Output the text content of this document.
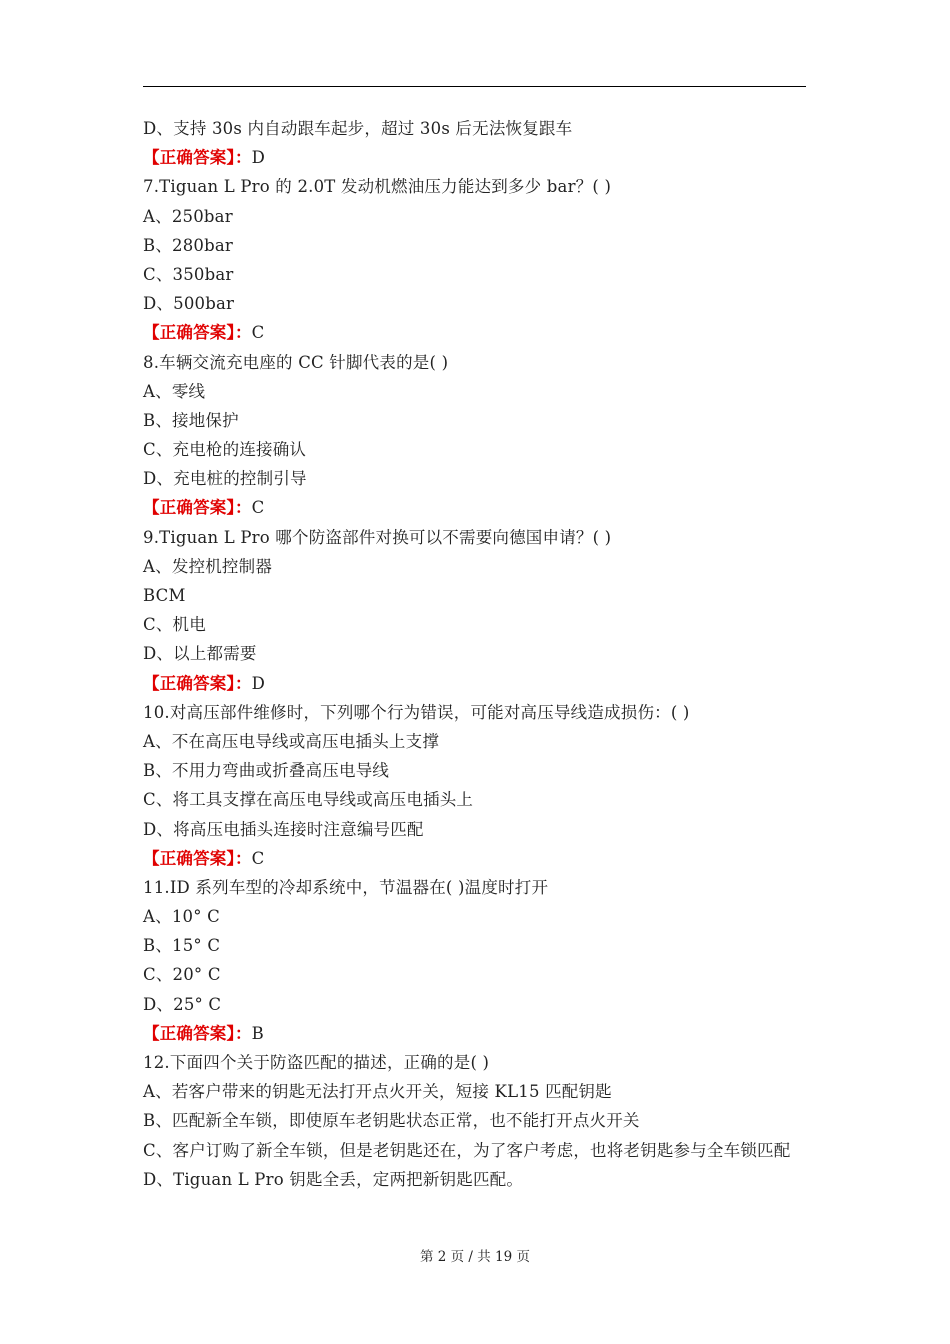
D、支持 30s 内自动跟车起步，超过 30s 后无法恢复跟车
【正确答案】：D
7.Tiguan L Pro 的 2.0T 发动机燃油压力能达到多少 bar？( )
A、250bar
B、280bar
C、350bar
D、500bar
【正确答案】：C
8.车辆交流充电座的 CC 针脚代表的是( )
A、零线
B、接地保护
C、充电枪的连接确认
D、充电桩的控制引导
【正确答案】：C
9.Tiguan L Pro 哪个防盗部件对换可以不需要向德国申请？( )
A、发控机控制器
BCM
C、机电
D、以上都需要
【正确答案】：D
10.对高压部件维修时，下列哪个行为错误，可能对高压导线造成损伤：( )
A、不在高压电导线或高压电插头上支撑
B、不用力弯曲或折叠高压电导线
C、将工具支撑在高压电导线或高压电插头上
D、将高压电插头连接时注意编号匹配
【正确答案】：C
11.ID 系列车型的冷却系统中，节温器在( )温度时打开
A、10° C
B、15° C
C、20° C
D、25° C
【正确答案】：B
12.下面四个关于防盗匹配的描述，正确的是( )
A、若客户带来的钥匙无法打开点火开关，短接 KL15 匹配钥匙
B、匹配新全车锁，即使原车老钥匙状态正常，也不能打开点火开关
C、客户订购了新全车锁，但是老钥匙还在，为了客户考虑，也将老钥匙参与全车锁匹配
D、Tiguan L Pro 钥匙全丢，定两把新钥匙匹配。
第 2 页 / 共 19 页
